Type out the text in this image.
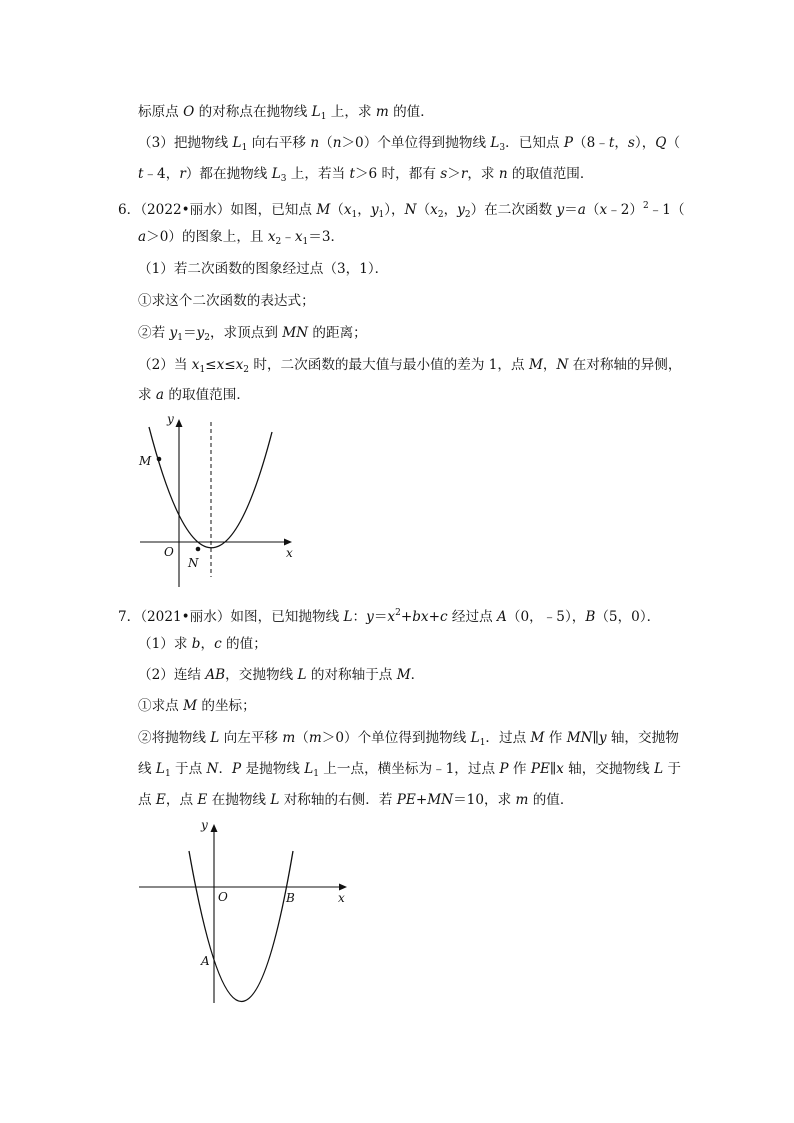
标原点 O 的对称点在抛物线 $L_1$ 上，求 m 的值．
（3）把抛物线 $L_1$ 向右平移 n（n＞0）个单位得到抛物线 $L_3$．已知点 P（8﹣t，s），Q（
t﹣4，r）都在抛物线 $L_3$ 上，若当 t＞6 时，都有 s＞r，求 n 的取值范围．
6．（2022•丽水）如图，已知点 $M(x_1$，$y_1$），$N(x_2$，$y_2$）在二次函数 y＝a（x﹣2）$^2$﹣1（
a＞0）的图象上，且 $x_2﹣x_1=3$．
（1）若二次函数的图象经过点（3，1）．
①求这个二次函数的表达式；
②若 $y_1=y_2$，求顶点到 MN 的距离；
（2）当 $x_1\le x\le x_2$ 时，二次函数的最大值与最小值的差为 1，点 M，N 在对称轴的异侧，
求 a 的取值范围．
y
x
O
M
N
7．（2021•丽水）如图，已知抛物线 L：$y=x^2+bx+c$ 经过点 A（0，﹣5），B（5，0）．
（1）求 b，c 的值；
（2）连结 AB，交抛物线 L 的对称轴于点 M．
①求点 M 的坐标；
②将抛物线 L 向左平移 m（m＞0）个单位得到抛物线 $L_1$．过点 M 作 MN∥y 轴，交抛物
线 $L_1$ 于点 N．P 是抛物线 $L_1$ 上一点，横坐标为﹣1，过点 P 作 PE∥x 轴，交抛物线 L 于
点 E，点 E 在抛物线 L 对称轴的右侧．若 PE+MN＝10，求 m 的值．
y
x
O
A
B
